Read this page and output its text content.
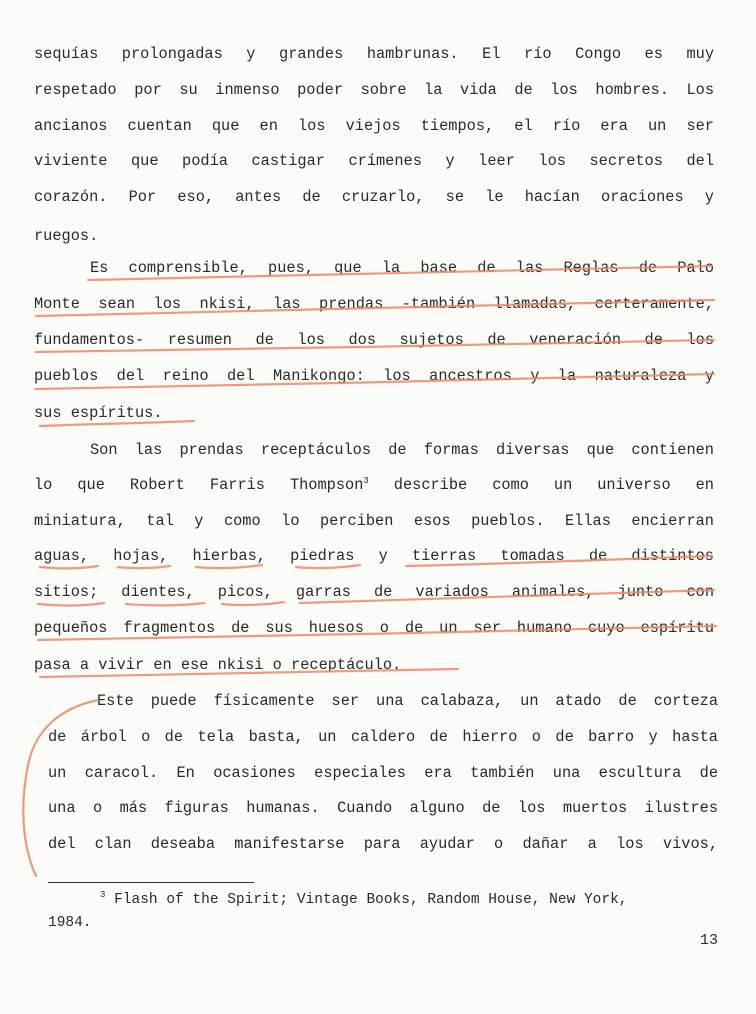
sequías prolongadas y grandes hambrunas. El río Congo es muy
respetado por su inmenso poder sobre la vida de los hombres. Los
ancianos cuentan que en los viejos tiempos, el río era un ser
viviente que podía castigar crímenes y leer los secretos del
corazón. Por eso, antes de cruzarlo, se le hacían oraciones y
ruegos.
Es comprensible, pues, que la base de las Reglas de Palo
Monte sean los nkisi, las prendas -también llamadas, certeramente,
fundamentos- resumen de los dos sujetos de veneración de los
pueblos del reino del Manikongo: los ancestros y la naturaleza y
sus espíritus.
Son las prendas receptáculos de formas diversas que contienen
lo que Robert Farris Thompson$^3$ describe como un universo en
miniatura, tal y como lo perciben esos pueblos. Ellas encierran
aguas, hojas, hierbas, piedras y tierras tomadas de distintos
sitios; dientes, picos, garras de variados animales, junto con
pequeños fragmentos de sus huesos o de un ser humano cuyo espíritu
pasa a vivir en ese nkisi o receptáculo.
Este puede físicamente ser una calabaza, un atado de corteza
de árbol o de tela basta, un caldero de hierro o de barro y hasta
un caracol. En ocasiones especiales era también una escultura de
una o más figuras humanas. Cuando alguno de los muertos ilustres
del clan deseaba manifestarse para ayudar o dañar a los vivos,
$^3$ Flash of the Spirit; Vintage Books, Random House, New York,
1984.
13
